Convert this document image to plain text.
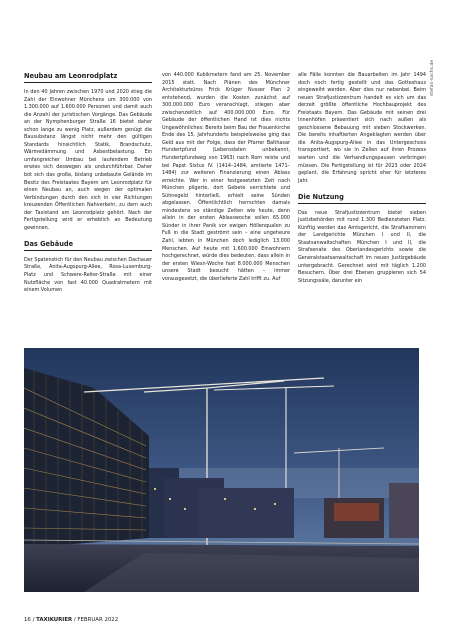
stefan-sachs.de
Neubau am Leonrodplatz

In den 40 Jahren zwischen 1970 und 2020 stieg die Zahl der Einwohner Münchens um 300.000 von 1.300.000 auf 1.600.000 Personen und damit auch die Anzahl der juristischen Vorgänge. Das Gebäude an der Nymphenburger Straße 16 bietet daher schon lange zu wenig Platz, außerdem genügt die Bausubstanz längst nicht mehr den gültigen Standards hinsichtlich Statik, Brandschutz, Wärmedämmung und Asbestbelastung. Ein umfangreicher Umbau bei laufendem Betrieb erwies sich deswegen als undurchführbar. Daher bot sich das große, bislang unbebaute Gelände im Besitz des Freistaates Bayern am Leonrodplatz für einen Neubau an, auch wegen der optimalen Verbindungen durch den sich in vier Richtungen kreuzenden Öffentlichen Nahverkehr, zu dem auch der Taxistand am Leonrodplatz gehört. Nach der Fertigstellung wird er erheblich an Bedeutung gewinnen.

Das Gebäude

Der Spatenstich für den Neubau zwischen Dachauer Straße, Anita-Augspurg-Allee, Rosa-Luxemburg-Platz und Schwere-Reiter-Straße mit einer Nutzfläche von fast 40.000 Quadratmetern mit einem Volumen

von 440.000 Kubikmetern fand am 25. November 2015 statt. Nach Plänen des Münchner Architekturbüros Frick Krüger Nusser Plan 2 entstehend, wurden die Kosten zunächst auf 300.000.000 Euro veranschlagt, stiegen aber zwischenzeitlich auf 400.000.000 Euro. Für Gebäude der öffentlichen Hand ist dies nichts Ungewöhnliches: Bereits beim Bau der Frauenkirche Ende des 15. Jahrhunderts beispielsweise ging das Geld aus mit der Folge, dass der Pfarrer Balthasar Hundertpfund (Lebensdaten unbekannt, Hundertpfundweg von 1963) nach Rom reiste und bei Papst Sixtus IV. (1414–1484, amtierte 1471–1484) zur weiteren Finanzierung einen Ablass erreichte. Wer in einer festgesetzten Zeit nach München pilgerte, dort Gebete verrichtete und Sühnegeld hinterließ, erhielt seine Sünden abgelassen. Öffentlichtlich herrschten damals mindestens so ständige Zeiten wie heute, denn allein in der ersten Ablasswoche sollen 65.000 Sünder in ihrer Panik vor ewigen Höllenqualen zu Fuß in die Stadt geströmt sein – eine ungeheure Zahl, lebten in München doch lediglich 13.000 Menschen. Auf heute mit 1.600.000 Einwohnern hochgerechnet, würde dies bedeuten, dass allein in der ersten Wiesn-Woche fast 8.000.000 Menschen unsere Stadt besucht hätten – immer vorausgesetzt, die überlieferte Zahl trifft zu. Auf

alle Fälle konnten die Bauarbeiten im Jahr 1494 doch noch fertig gestellt und das Gotteshaus eingeweiht werden. Aber dies nur nebenbei. Beim neuen Strafjustizzentrum handelt es sich um das derzeit größte öffentliche Hochbauprojekt des Freistaats Bayern. Das Gebäude mit seinen drei Innenhöfen präsentiert sich nach außen als geschlossene Bebauung mit sieben Stockwerken. Die bereits inhaftierten Angeklagten werden über die Anita-Augspurg-Allee in das Untergeschoss transportiert, wo sie in Zellen auf ihren Prozess warten und die Verhandlungspausen verbringen müssen. Die Fertigstellung ist für 2023 oder 2024 geplant, die Erfahrung spricht eher für letzteres Jahr.

Die Nutzung

Das neue Strafjustizzentrum bietet sieben Justizbehörden mit rund 1.300 Bediensteten Platz. Künftig werden das Amtsgericht, die Strafkammern der Landgerichte München I und II, die Staatsanwaltschaften München I und II, die Strafsenate des Oberlandesgerichts sowie die Generalstaatsanwaltschaft im neuen Justizgebäude untergebracht. Gerechnet wird mit täglich 1.200 Besuchern. Über drei Ebenen gruppieren sich 54 Sitzungssäle, darunter ein

16 / TAXIKURIER / FEBRUAR 2022
